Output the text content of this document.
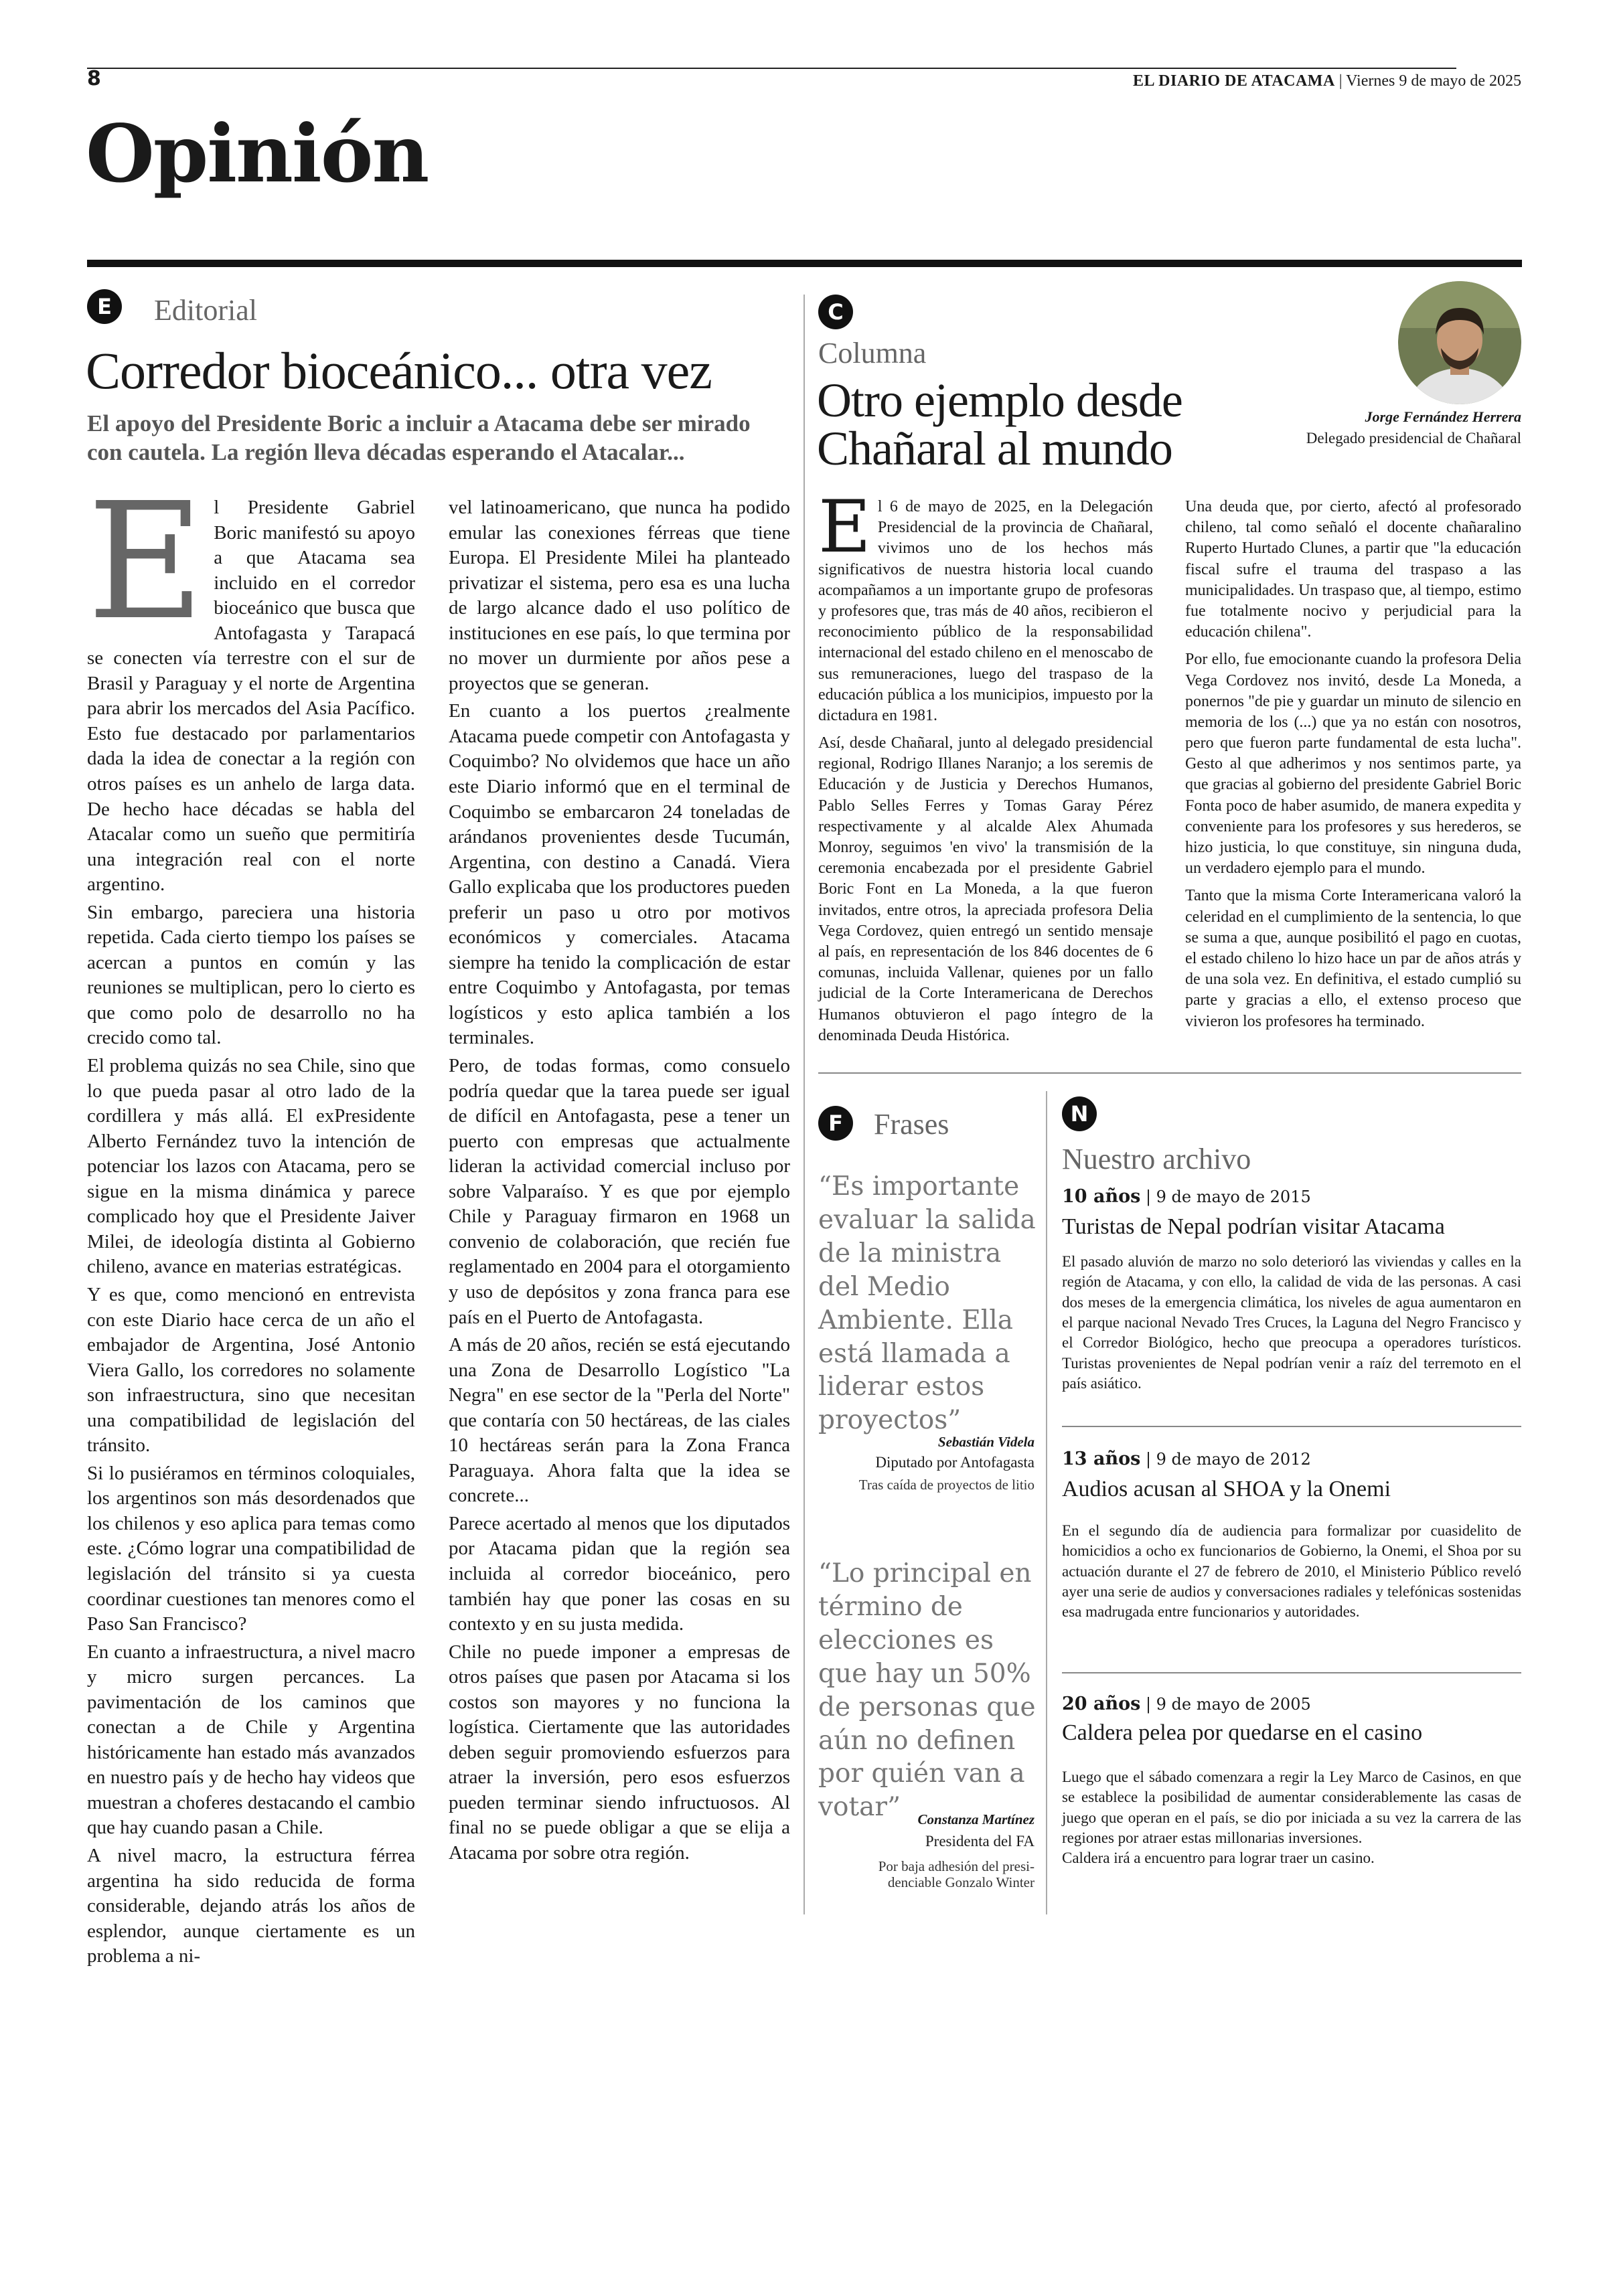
8	EL DIARIO DE ATACAMA | Viernes 9 de mayo de 2025
Opinión
E	Editorial
Corredor bioceánico... otra vez
El apoyo del Presidente Boric a incluir a Atacama debe ser mirado con cautela. La región lleva décadas esperando el Atacalar...

El Presidente Gabriel Boric manifestó su apoyo a que Atacama sea incluido en el corredor bioceánico que busca que Antofagasta y Tarapacá se conecten vía terrestre con el sur de Brasil y Paraguay y el norte de Argentina para abrir los mercados del Asia Pacífico. Esto fue destacado por parlamentarios dada la idea de conectar a la región con otros países es un anhelo de larga data. De hecho hace décadas se habla del Atacalar como un sueño que permitiría una integración real con el norte argentino.

Sin embargo, pareciera una historia repetida. Cada cierto tiempo los países se acercan a puntos en común y las reuniones se multiplican, pero lo cierto es que como polo de desarrollo no ha crecido como tal.

El problema quizás no sea Chile, sino que lo que pueda pasar al otro lado de la cordillera y más allá. El exPresidente Alberto Fernández tuvo la intención de potenciar los lazos con Atacama, pero se sigue en la misma dinámica y parece complicado hoy que el Presidente Jaiver Milei, de ideología distinta al Gobierno chileno, avance en materias estratégicas.

Y es que, como mencionó en entrevista con este Diario hace cerca de un año el embajador de Argentina, José Antonio Viera Gallo, los corredores no solamente son infraestructura, sino que necesitan una compatibilidad de legislación del tránsito.

Si lo pusiéramos en términos coloquiales, los argentinos son más desordenados que los chilenos y eso aplica para temas como este. ¿Cómo lograr una compatibilidad de legislación del tránsito si ya cuesta coordinar cuestiones tan menores como el Paso San Francisco?

En cuanto a infraestructura, a nivel macro y micro surgen percances. La pavimentación de los caminos que conectan a de Chile y Argentina históricamente han estado más avanzados en nuestro país y de hecho hay videos que muestran a choferes destacando el cambio que hay cuando pasan a Chile.

A nivel macro, la estructura férrea argentina ha sido reducida de forma considerable, dejando atrás los años de esplendor, aunque ciertamente es un problema a ni-

vel latinoamericano, que nunca ha podido emular las conexiones férreas que tiene Europa. El Presidente Milei ha planteado privatizar el sistema, pero esa es una lucha de largo alcance dado el uso político de instituciones en ese país, lo que termina por no mover un durmiente por años pese a proyectos que se generan.

En cuanto a los puertos ¿realmente Atacama puede competir con Antofagasta y Coquimbo? No olvidemos que hace un año este Diario informó que en el terminal de Coquimbo se embarcaron 24 toneladas de arándanos provenientes desde Tucumán, Argentina, con destino a Canadá. Viera Gallo explicaba que los productores pueden preferir un paso u otro por motivos económicos y comerciales. Atacama siempre ha tenido la complicación de estar entre Coquimbo y Antofagasta, por temas logísticos y esto aplica también a los terminales.

Pero, de todas formas, como consuelo podría quedar que la tarea puede ser igual de difícil en Antofagasta, pese a tener un puerto con empresas que actualmente lideran la actividad comercial incluso por sobre Valparaíso. Y es que por ejemplo Chile y Paraguay firmaron en 1968 un convenio de colaboración, que recién fue reglamentado en 2004 para el otorgamiento y uso de depósitos y zona franca para ese país en el Puerto de Antofagasta.

A más de 20 años, recién se está ejecutando una Zona de Desarrollo Logístico "La Negra" en ese sector de la "Perla del Norte" que contaría con 50 hectáreas, de las ciales 10 hectáreas serán para la Zona Franca Paraguaya. Ahora falta que la idea se concrete...

Parece acertado al menos que los diputados por Atacama pidan que la región sea incluida al corredor bioceánico, pero también hay que poner las cosas en su contexto y en su justa medida.

Chile no puede imponer a empresas de otros países que pasen por Atacama si los costos son mayores y no funciona la logística. Ciertamente que las autoridades deben seguir promoviendo esfuerzos para atraer la inversión, pero esos esfuerzos pueden terminar siendo infructuosos. Al final no se puede obligar a que se elija a Atacama por sobre otra región.

C
Columna
Otro ejemplo desde
Chañaral al mundo
Jorge Fernández Herrera
Delegado presidencial de Chañaral

El 6 de mayo de 2025, en la Delegación Presidencial de la provincia de Chañaral, vivimos uno de los hechos más significativos de nuestra historia local cuando acompañamos a un importante grupo de profesoras y profesores que, tras más de 40 años, recibieron el reconocimiento público de la responsabilidad internacional del estado chileno en el menoscabo de sus remuneraciones, luego del traspaso de la educación pública a los municipios, impuesto por la dictadura en 1981.

Así, desde Chañaral, junto al delegado presidencial regional, Rodrigo Illanes Naranjo; a los seremis de Educación y de Justicia y Derechos Humanos, Pablo Selles Ferres y Tomas Garay Pérez respectivamente y al alcalde Alex Ahumada Monroy, seguimos 'en vivo' la transmisión de la ceremonia encabezada por el presidente Gabriel Boric Font en La Moneda, a la que fueron invitados, entre otros, la apreciada profesora Delia Vega Cordovez, quien entregó un sentido mensaje al país, en representación de los 846 docentes de 6 comunas, incluida Vallenar, quienes por un fallo judicial de la Corte Interamericana de Derechos Humanos obtuvieron el pago íntegro de la denominada Deuda Histórica.

Una deuda que, por cierto, afectó al profesorado chileno, tal como señaló el docente chañaralino Ruperto Hurtado Clunes, a partir que "la educación fiscal sufre el trauma del traspaso a las municipalidades. Un traspaso que, al tiempo, estimo fue totalmente nocivo y perjudicial para la educación chilena".

Por ello, fue emocionante cuando la profesora Delia Vega Cordovez nos invitó, desde La Moneda, a ponernos "de pie y guardar un minuto de silencio en memoria de los (...) que ya no están con nosotros, pero que fueron parte fundamental de esta lucha". Gesto al que adherimos y nos sentimos parte, ya que gracias al gobierno del presidente Gabriel Boric Fonta poco de haber asumido, de manera expedita y conveniente para los profesores y sus herederos, se hizo justicia, lo que constituye, sin ninguna duda, un verdadero ejemplo para el mundo.

Tanto que la misma Corte Interamericana valoró la celeridad en el cumplimiento de la sentencia, lo que se suma a que, aunque posibilitó el pago en cuotas, el estado chileno lo hizo hace un par de años atrás y de una sola vez. En definitiva, el estado cumplió su parte y gracias a ello, el extenso proceso que vivieron los profesores ha terminado.

F	Frases
“Es importante evaluar la salida de la ministra del Medio Ambiente. Ella está llamada a liderar estos proyectos”
Sebastián Videla
Diputado por Antofagasta
Tras caída de proyectos de litio
“Lo principal en término de elecciones es que hay un 50% de personas que aún no definen por quién van a votar”	Constanza Martínez
Presidenta del FA
Por baja adhesión del presi-
denciable Gonzalo Winter
N
Nuestro archivo
10 años | 9 de mayo de 2015
Turistas de Nepal podrían visitar Atacama
El pasado aluvión de marzo no solo deterioró las viviendas y calles en la región de Atacama, y con ello, la calidad de vida de las personas. A casi dos meses de la emergencia climática, los niveles de agua aumentaron en el parque nacional Nevado Tres Cruces, la Laguna del Negro Francisco y el Corredor Biológico, hecho que preocupa a operadores turísticos. Turistas provenientes de Nepal podrían venir a raíz del terremoto en el país asiático.
13 años | 9 de mayo de 2012
Audios acusan al SHOA y la Onemi
En el segundo día de audiencia para formalizar por cuasidelito de homicidios a ocho ex funcionarios de Gobierno, la Onemi, el Shoa por su actuación durante el 27 de febrero de 2010, el Ministerio Público reveló ayer una serie de audios y conversaciones radiales y telefónicas sostenidas esa madrugada entre funcionarios y autoridades.
20 años | 9 de mayo de 2005
Caldera pelea por quedarse en el casino
Luego que el sábado comenzara a regir la Ley Marco de Casinos, en que se establece la posibilidad de aumentar considerablemente las casas de juego que operan en el país, se dio por iniciada a su vez la carrera de las regiones por atraer estas millonarias inversiones.
Caldera irá a encuentro para lograr traer un casino.
